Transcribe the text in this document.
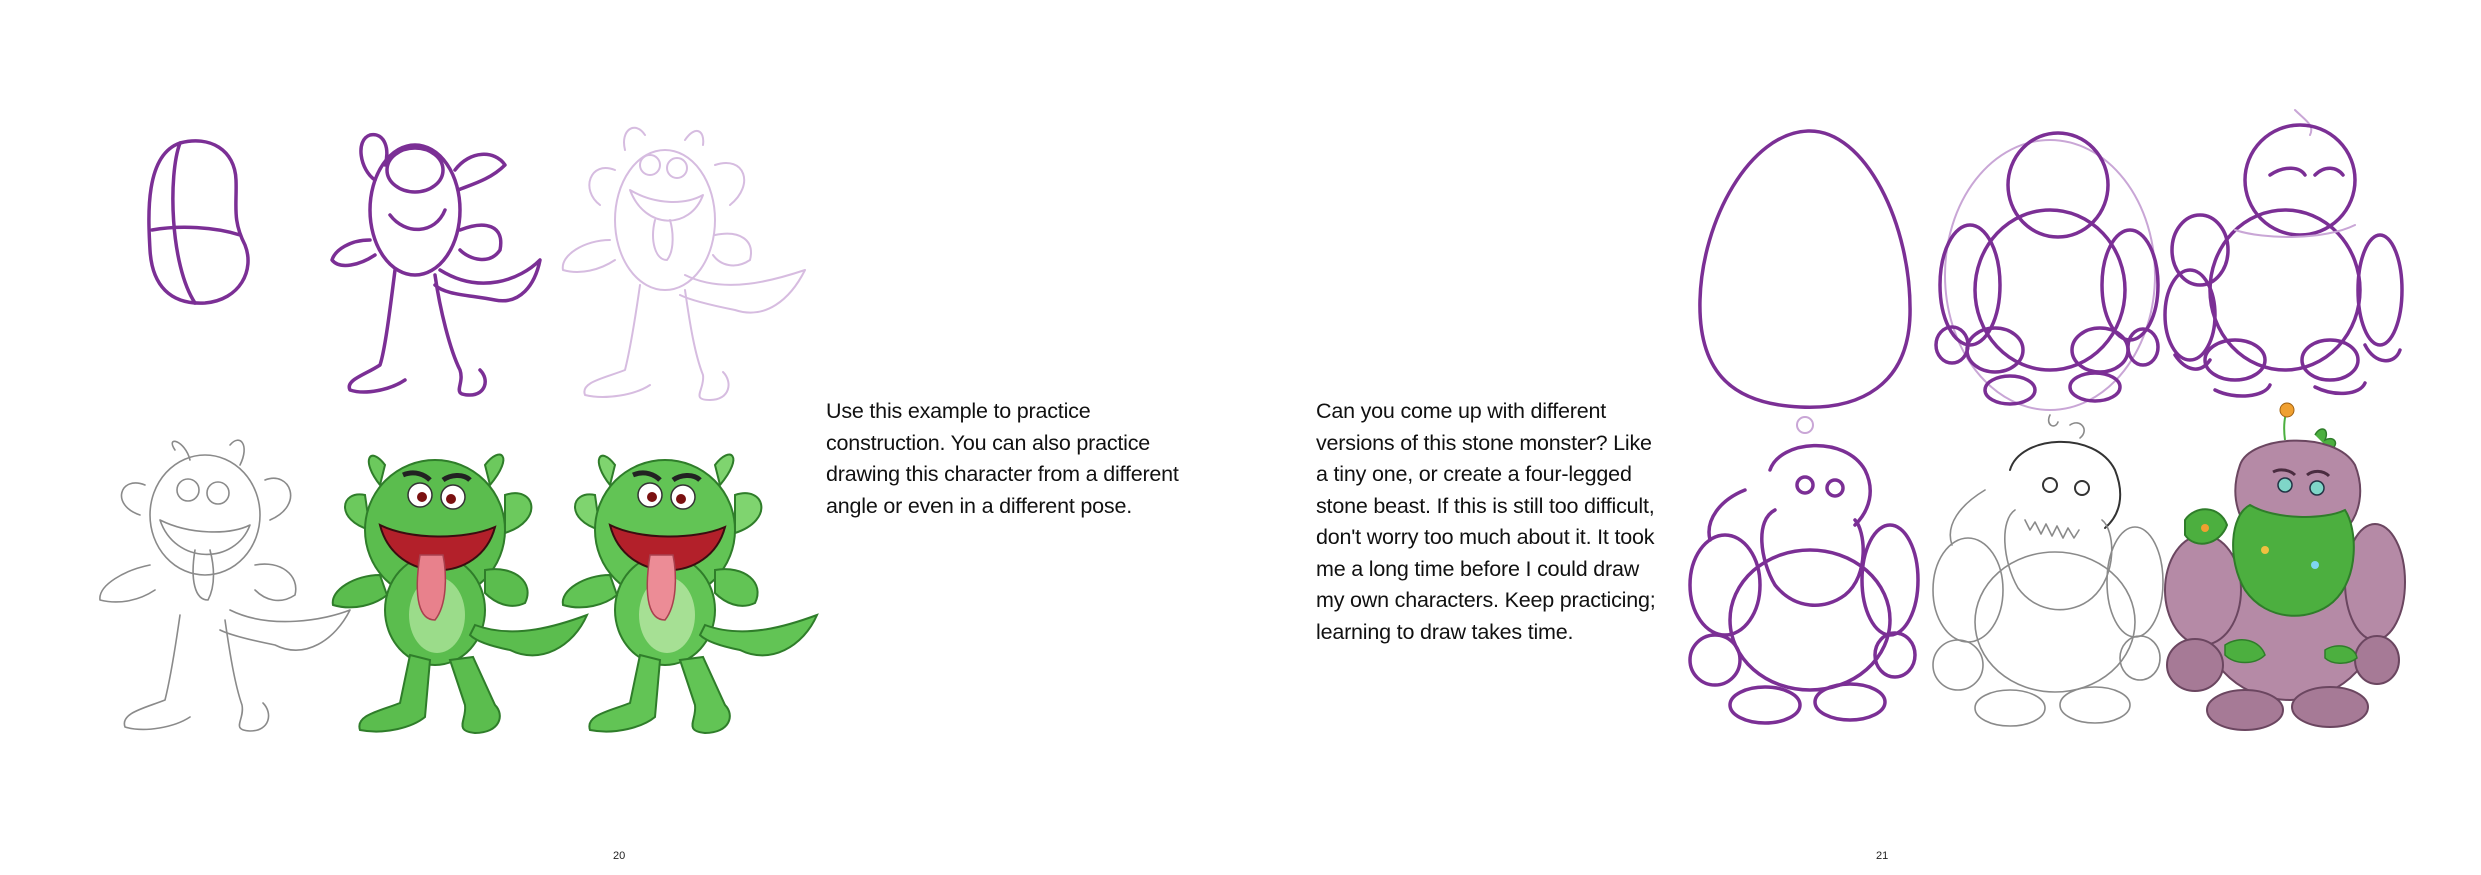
Use this example to practice
construction. You can also practice
drawing this character from a different
angle or even in a different pose.
20
Can you come up with different
versions of this stone monster? Like
a tiny one, or create a four-legged
stone beast. If this is still too difficult,
don't worry too much about it. It took
me a long time before I could draw
my own characters. Keep practicing;
learning to draw takes time.
21
